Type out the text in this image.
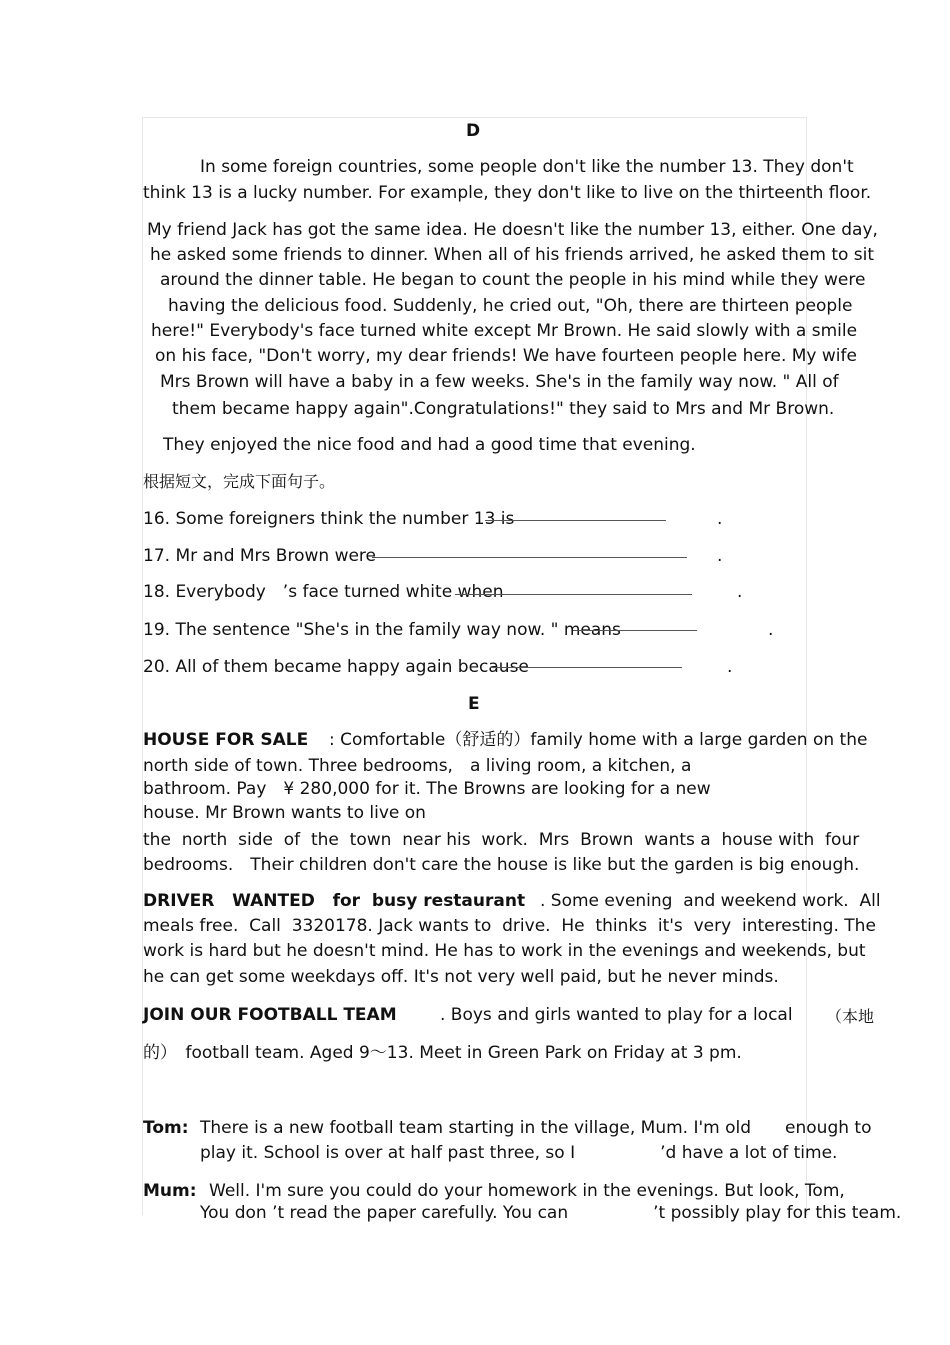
D
In some foreign countries, some people don't like the number 13. They don't
think 13 is a lucky number. For example, they don't like to live on the thirteenth floor.
My friend Jack has got the same idea. He doesn't like the number 13, either. One day,
he asked some friends to dinner. When all of his friends arrived, he asked them to sit
around the dinner table. He began to count the people in his mind while they were
having the delicious food. Suddenly, he cried out, "Oh, there are thirteen people
here!" Everybody's face turned white except Mr Brown. He said slowly with a smile
on his face, "Don't worry, my dear friends! We have fourteen people here. My wife
Mrs Brown will have a baby in a few weeks. She's in the family way now. " All of
them became happy again".Congratulations!" they said to Mrs and Mr Brown.
They enjoyed the nice food and had a good time that evening.
根据短文，完成下面句子。
16. Some foreigners think the number 13 is	.
17. Mr and Mrs Brown were	.
18. Everybody　’s face turned white when	.
19. The sentence "She's in the family way now. " means	.
20. All of them became happy again because	.
E
HOUSE FOR SALE : Comfortable（舒适的）family home with a large garden on the
north side of town. Three bedrooms,　a living room, a kitchen, a
bathroom. Pay　¥ 280,000 for it. The Browns are looking for a new
house. Mr Brown wants to live on
the  north  side  of  the  town  near his  work.  Mrs  Brown  wants a  house with  four
bedrooms.　Their children don't care the house is like but the garden is big enough.
DRIVER   WANTED   for  busy restaurant . Some evening  and weekend work.  All
meals free.  Call  3320178. Jack wants to  drive.  He  thinks  it's  very  interesting. The
work is hard but he doesn't mind. He has to work in the evenings and weekends, but
he can get some weekdays off. It's not very well paid, but he never minds.
JOIN OUR FOOTBALL TEAM	. Boys and girls wanted to play for a local （本地
的）　football team. Aged 9～13. Meet in Green Park on Friday at 3 pm.
Tom: There is a new football team starting in the village, Mum. I'm old　　enough to
play it. School is over at half past three, so I　　　　　’d have a lot of time.
Mum: Well. I'm sure you could do your homework in the evenings. But look, Tom,
You don ’t read the paper carefully. You can　　　　　’t possibly play for this team.
